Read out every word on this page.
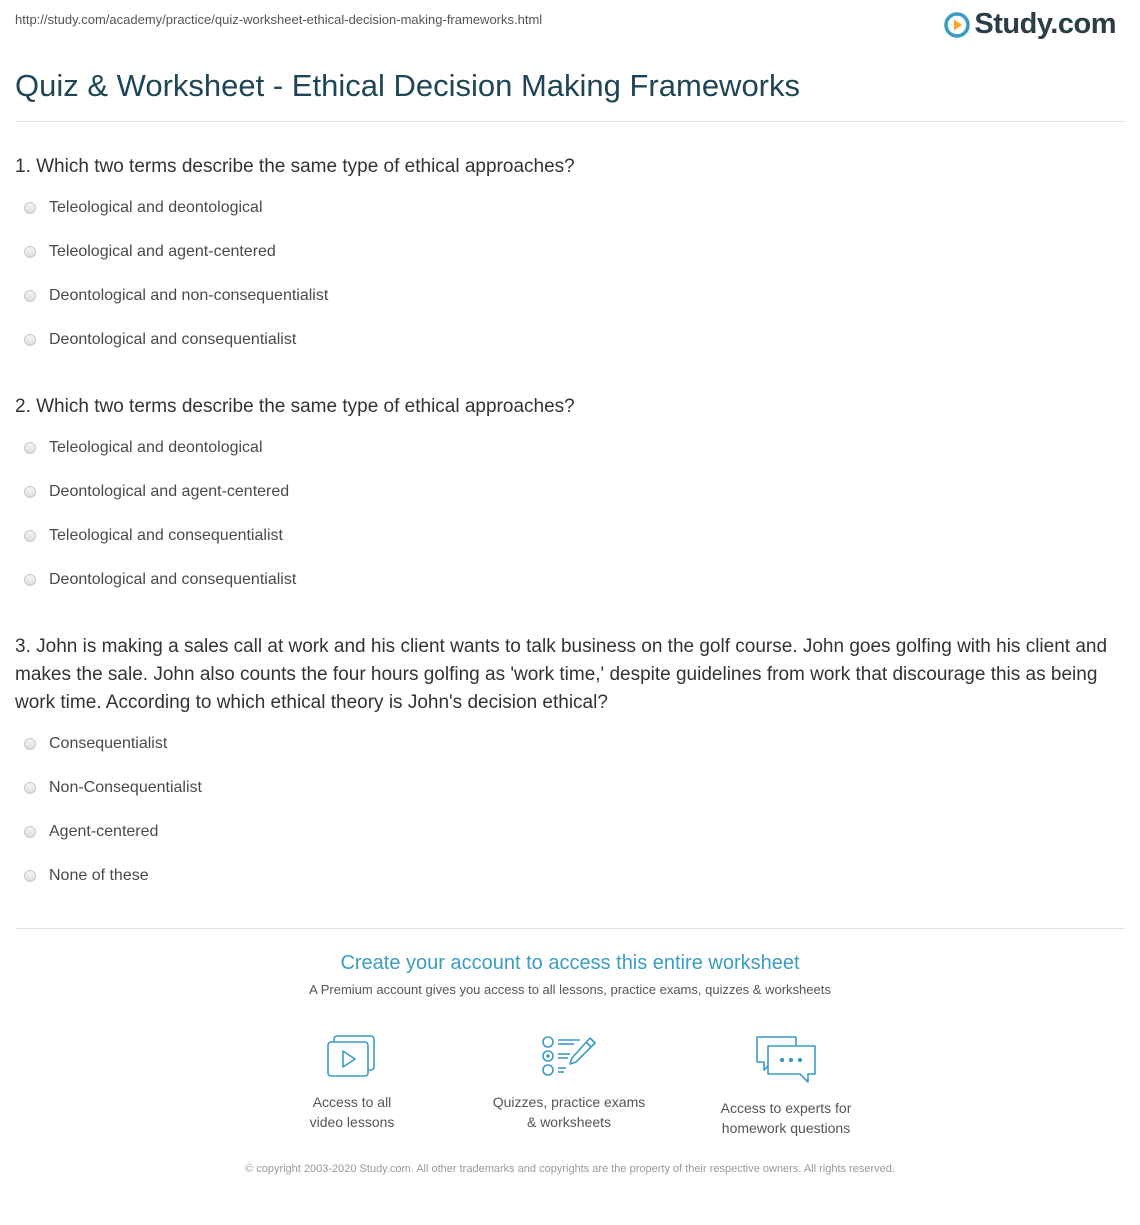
http://study.com/academy/practice/quiz-worksheet-ethical-decision-making-frameworks.html	Study.com
Quiz & Worksheet - Ethical Decision Making Frameworks

1. Which two terms describe the same type of ethical approaches?

Teleological and deontological
Teleological and agent-centered
Deontological and non-consequentialist
Deontological and consequentialist

2. Which two terms describe the same type of ethical approaches?

Teleological and deontological
Deontological and agent-centered
Teleological and consequentialist
Deontological and consequentialist

3. John is making a sales call at work and his client wants to talk business on the golf course. John goes golfing with his client and makes the sale. John also counts the four hours golfing as 'work time,' despite guidelines from work that discourage this as being work time. According to which ethical theory is John's decision ethical?

Consequentialist
Non-Consequentialist
Agent-centered
None of these
Create your account to access this entire worksheet
A Premium account gives you access to all lessons, practice exams, quizzes & worksheets
Access to all
video lessons
Quizzes, practice exams
& worksheets
Access to experts for
homework questions
© copyright 2003-2020 Study.com. All other trademarks and copyrights are the property of their respective owners. All rights reserved.
